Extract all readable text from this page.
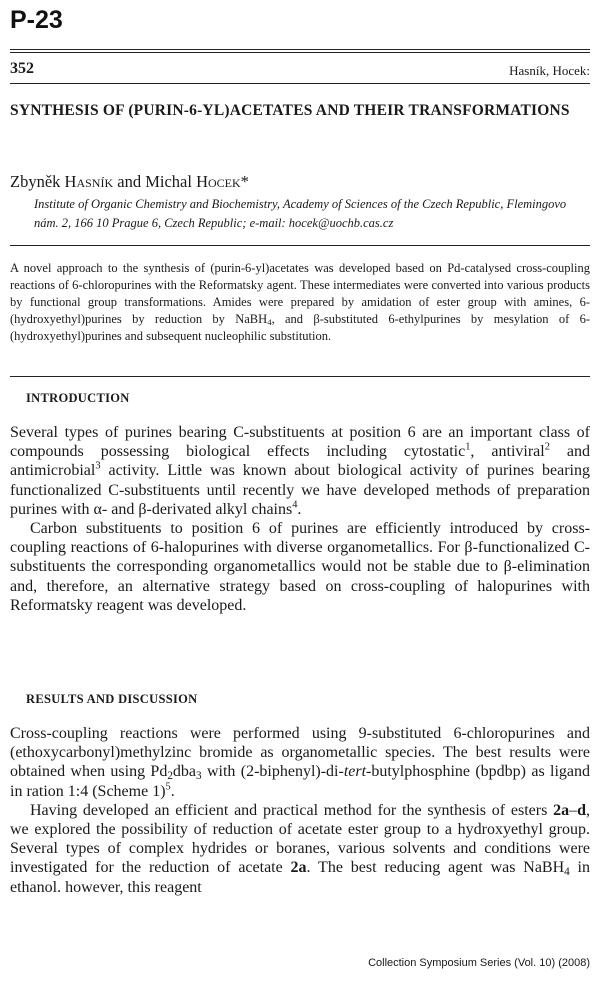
P-23
352	Hasník, Hocek:
SYNTHESIS OF (PURIN-6-YL)ACETATES AND THEIR TRANSFORMATIONS
Zbyněk Hasník and Michal Hocek*
Institute of Organic Chemistry and Biochemistry, Academy of Sciences of the Czech Republic, Flemingovo nám. 2, 166 10 Prague 6, Czech Republic; e-mail: hocek@uochb.cas.cz
A novel approach to the synthesis of (purin-6-yl)acetates was developed based on Pd-catalysed cross-coupling reactions of 6-chloropurines with the Reformatsky agent. These intermediates were converted into various products by functional group transformations. Amides were prepared by amidation of ester group with amines, 6-(hydroxyethyl)purines by reduction by NaBH$_4$, and β-substituted 6-ethylpurines by mesylation of 6-(hydroxyethyl)purines and subsequent nucleophilic substitution.
INTRODUCTION

Several types of purines bearing C-substituents at position 6 are an important class of compounds possessing biological effects including cytostatic$^1$, antiviral$^2$ and antimicrobial$^3$ activity. Little was known about biological activity of purines bearing functionalized C-substituents until recently we have developed methods of preparation purines with α- and β-derivated alkyl chains$^4$.

Carbon substituents to position 6 of purines are efficiently introduced by cross-coupling reactions of 6-halopurines with diverse organometallics. For β-functionalized C-substituents the corresponding organometallics would not be stable due to β-elimination and, therefore, an alternative strategy based on cross-coupling of halopurines with Reformatsky reagent was developed.

RESULTS AND DISCUSSION

Cross-coupling reactions were performed using 9-substituted 6-chloropurines and (ethoxycarbonyl)methylzinc bromide as organometallic species. The best results were obtained when using $Pd_2dba_3$ with (2-biphenyl)-di-tert-butylphosphine (bpdbp) as ligand in ration 1:4 (Scheme 1)$^5$.

Having developed an efficient and practical method for the synthesis of esters 2a–d, we explored the possibility of reduction of acetate ester group to a hydroxyethyl group. Several types of complex hydrides or boranes, various solvents and conditions were investigated for the reduction of acetate 2a. The best reducing agent was NaBH$_4$ in ethanol. however, this reagent

Collection Symposium Series (Vol. 10) (2008)
